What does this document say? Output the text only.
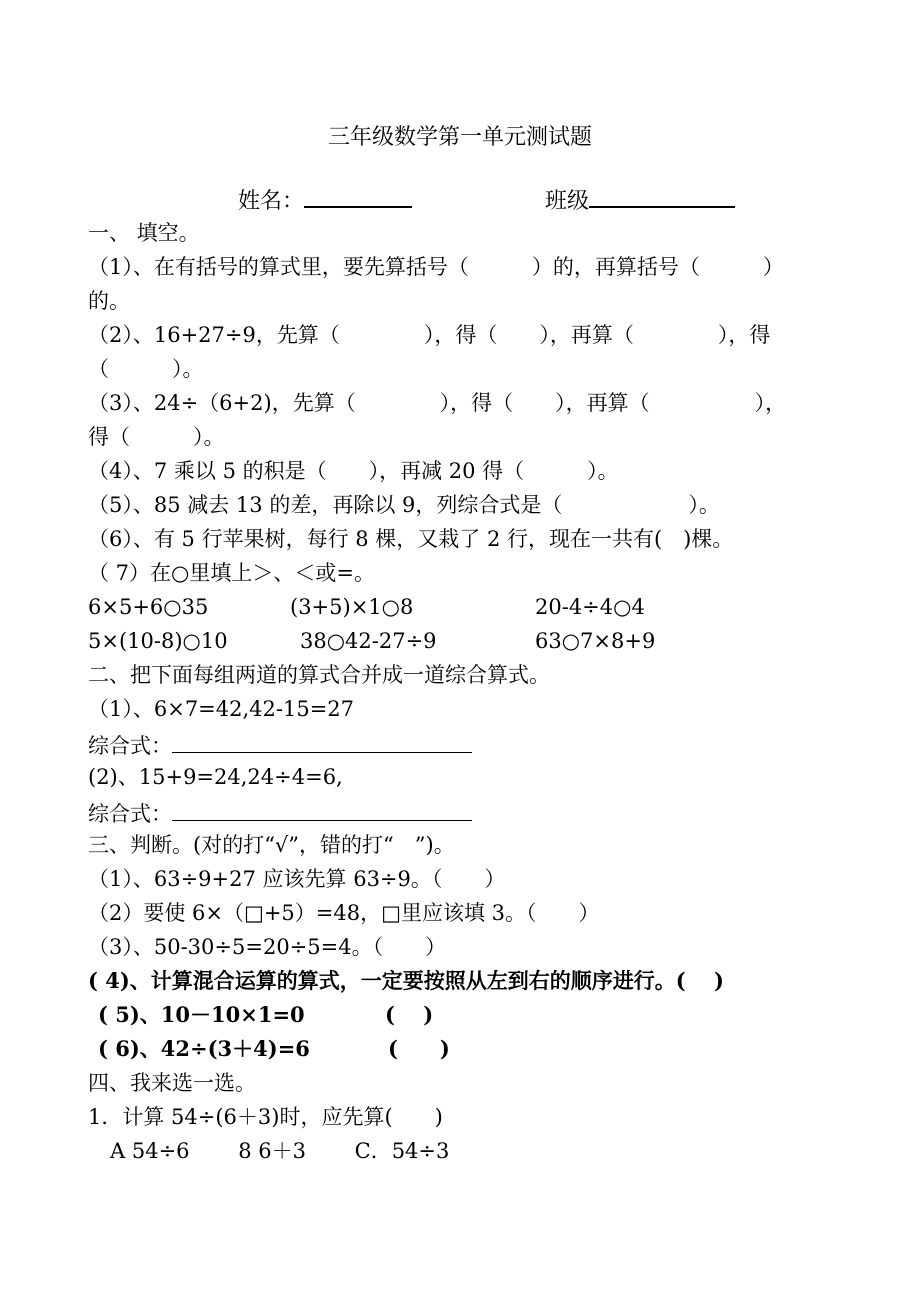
三年级数学第一单元测试题
姓名：	班级
一、 填空。
（1）、在有括号的算式里，要先算括号（　　　）的，再算括号（　　　）
的。
（2）、16+27÷9，先算（　　　　），得（　　），再算（　　　　），得
（　　　）。
（3）、24÷（6+2)，先算（　　　　），得（　　），再算（　　　　　），
得（　　　）。
（4）、7 乘以 5 的积是（　　），再减 20 得（　　　）。
（5）、85 减去 13 的差，再除以 9，列综合式是（　　　　　　）。
（6）、有 5 行苹果树，每行 8 棵，又栽了 2 行，现在一共有(　)棵。
（ 7）在○里填上＞、＜或=。
6×5+6○35	(3+5)×1○8	20-4÷4○4
5×(10-8)○10	38○42-27÷9	63○7×8+9
二、把下面每组两道的算式合并成一道综合算式。
（1）、6×7=42,42-15=27
综合式：
(2)、15+9=24,24÷4=6,
综合式：
三、判断。(对的打“√”，错的打“　”)。
（1）、63÷9+27 应该先算 63÷9。（　　）
（2）要使 6×（□+5）=48，□里应该填 3。（　　）
（3）、50-30÷5=20÷5=4。（　　）
( 4)、计算混合运算的算式，一定要按照从左到右的顺序进行。(　 )
( 5)、10－10×1=0	(　 )
( 6)、42÷(3＋4)=6	(　　)
四、我来选一选。
1．计算 54÷(6＋3)时，应先算(　　)
A 54÷6　　 8 6＋3　　 C．54÷3
